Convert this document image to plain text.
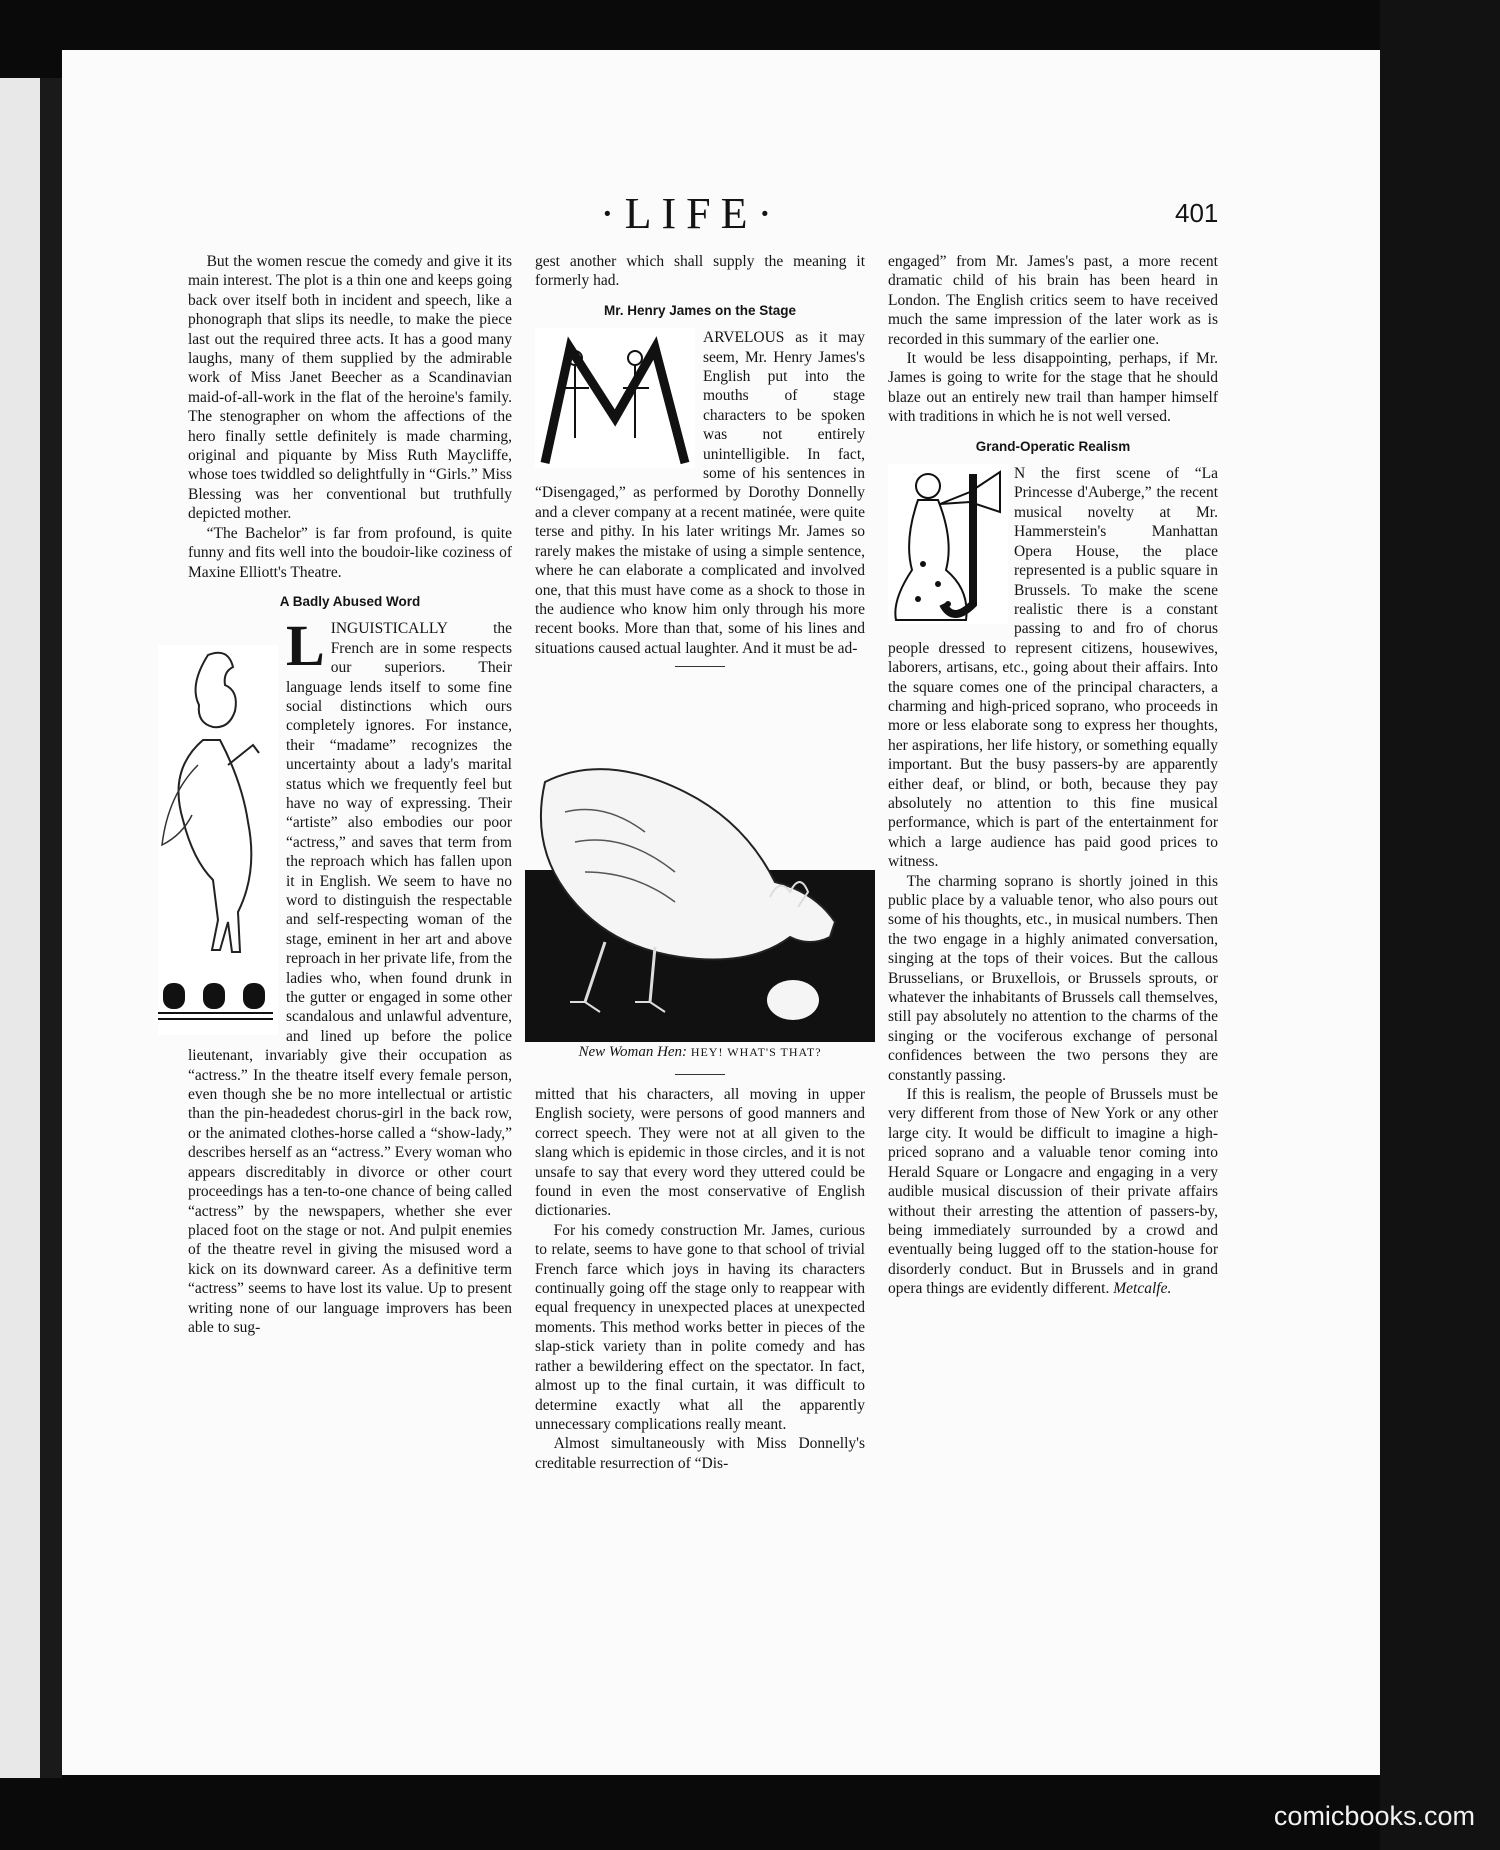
·LIFE·	401

But the women rescue the comedy and give it its main interest. The plot is a thin one and keeps going back over itself both in incident and speech, like a phonograph that slips its needle, to make the piece last out the required three acts. It has a good many laughs, many of them supplied by the admirable work of Miss Janet Beecher as a Scandinavian maid-of-all-work in the flat of the heroine's family. The stenographer on whom the affections of the hero finally settle definitely is made charming, original and piquante by Miss Ruth Maycliffe, whose toes twiddled so delightfully in “Girls.” Miss Blessing was her conventional but truthfully depicted mother.

“The Bachelor” is far from profound, is quite funny and fits well into the boudoir-like coziness of Maxine Elliott's Theatre.

A Badly Abused Word

L INGUISTICALLY the French are in some respects our superiors. Their language lends itself to some fine social distinctions which ours completely ignores. For instance, their “madame” recognizes the uncertainty about a lady's marital status which we frequently feel but have no way of expressing. Their “artiste” also embodies our poor “actress,” and saves that term from the reproach which has fallen upon it in English. We seem to have no word to distinguish the respectable and self-respecting woman of the stage, eminent in her art and above reproach in her private life, from the ladies who, when found drunk in the gutter or engaged in some other scandalous and unlawful adventure, and lined up before the police lieutenant, invariably give their occupation as “actress.” In the theatre itself every female person, even though she be no more intellectual or artistic than the pin-headedest chorus-girl in the back row, or the animated clothes-horse called a “show-lady,” describes herself as an “actress.” Every woman who appears discreditably in divorce or other court proceedings has a ten-to-one chance of being called “actress” by the newspapers, whether she ever placed foot on the stage or not. And pulpit enemies of the theatre revel in giving the misused word a kick on its downward career. As a definitive term “actress” seems to have lost its value. Up to present writing none of our language improvers has been able to sug-

gest another which shall supply the meaning it formerly had.

Mr. Henry James on the Stage

ARVELOUS as it may seem, Mr. Henry James's English put into the mouths of stage characters to be spoken was not entirely unintelligible. In fact, some of his sentences in “Disengaged,” as performed by Dorothy Donnelly and a clever company at a recent matinée, were quite terse and pithy. In his later writings Mr. James so rarely makes the mistake of using a simple sentence, where he can elaborate a complicated and involved one, that this must have come as a shock to those in the audience who know him only through his more recent books. More than that, some of his lines and situations caused actual laughter. And it must be ad-

New Woman Hen: HEY! WHAT'S THAT?

mitted that his characters, all moving in upper English society, were persons of good manners and correct speech. They were not at all given to the slang which is epidemic in those circles, and it is not unsafe to say that every word they uttered could be found in even the most conservative of English dictionaries.

For his comedy construction Mr. James, curious to relate, seems to have gone to that school of trivial French farce which joys in having its characters continually going off the stage only to reappear with equal frequency in unexpected places at unexpected moments. This method works better in pieces of the slap-stick variety than in polite comedy and has rather a bewildering effect on the spectator. In fact, almost up to the final curtain, it was difficult to determine exactly what all the apparently unnecessary complications really meant.

Almost simultaneously with Miss Donnelly's creditable resurrection of “Dis-

engaged” from Mr. James's past, a more recent dramatic child of his brain has been heard in London. The English critics seem to have received much the same impression of the later work as is recorded in this summary of the earlier one.

It would be less disappointing, perhaps, if Mr. James is going to write for the stage that he should blaze out an entirely new trail than hamper himself with traditions in which he is not well versed.

Grand-Operatic Realism

N the first scene of “La Princesse d'Auberge,” the recent musical novelty at Mr. Hammerstein's Manhattan Opera House, the place represented is a public square in Brussels. To make the scene realistic there is a constant passing to and fro of chorus people dressed to represent citizens, housewives, laborers, artisans, etc., going about their affairs. Into the square comes one of the principal characters, a charming and high-priced soprano, who proceeds in more or less elaborate song to express her thoughts, her aspirations, her life history, or something equally important. But the busy passers-by are apparently either deaf, or blind, or both, because they pay absolutely no attention to this fine musical performance, which is part of the entertainment for which a large audience has paid good prices to witness.

The charming soprano is shortly joined in this public place by a valuable tenor, who also pours out some of his thoughts, etc., in musical numbers. Then the two engage in a highly animated conversation, singing at the tops of their voices. But the callous Brusselians, or Bruxellois, or Brussels sprouts, or whatever the inhabitants of Brussels call themselves, still pay absolutely no attention to the charms of the singing or the vociferous exchange of personal confidences between the two persons they are constantly passing.

If this is realism, the people of Brussels must be very different from those of New York or any other large city. It would be difficult to imagine a high-priced soprano and a valuable tenor coming into Herald Square or Longacre and engaging in a very audible musical discussion of their private affairs without their arresting the attention of passers-by, being immediately surrounded by a crowd and eventually being lugged off to the station-house for disorderly conduct. But in Brussels and in grand opera things are evidently different. Metcalfe.

comicbooks.com
